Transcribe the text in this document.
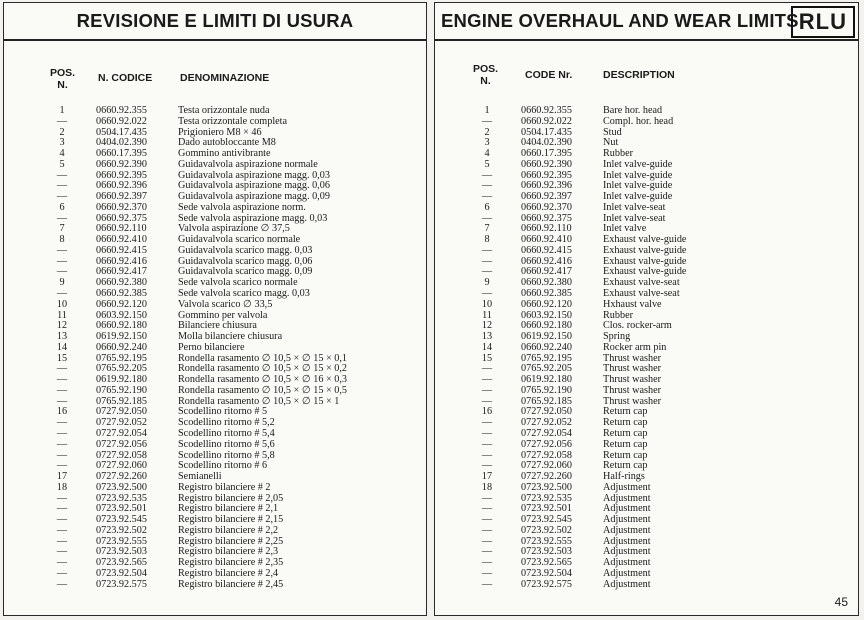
REVISIONE E LIMITI DI USURA
POS.
N.
N. CODICE	DENOMINAZIONE
1	0660.92.355	Testa orizzontale nuda
—	0660.92.022	Testa orizzontale completa
2	0504.17.435	Prigioniero M8 × 46
3	0404.02.390	Dado autobloccante M8
4	0660.17.395	Gommino antivibrante
5	0660.92.390	Guidavalvola aspirazione normale
—	0660.92.395	Guidavalvola aspirazione magg. 0,03
—	0660.92.396	Guidavalvola aspirazione magg. 0,06
—	0660.92.397	Guidavalvola aspirazione magg. 0,09
6	0660.92.370	Sede valvola aspirazione norm.
—	0660.92.375	Sede valvola aspirazione magg. 0,03
7	0660.92.110	Valvola aspirazione ∅ 37,5
8	0660.92.410	Guidavalvola scarico normale
—	0660.92.415	Guidavalvola scarico magg. 0,03
—	0660.92.416	Guidavalvola scarico magg. 0,06
—	0660.92.417	Guidavalvola scarico magg. 0,09
9	0660.92.380	Sede valvola scarico normale
—	0660.92.385	Sede valvola scarico magg. 0,03
10	0660.92.120	Valvola scarico ∅ 33,5
11	0603.92.150	Gommino per valvola
12	0660.92.180	Bilanciere chiusura
13	0619.92.150	Molla bilanciere chiusura
14	0660.92.240	Perno bilanciere
15	0765.92.195	Rondella rasamento ∅ 10,5 × ∅ 15 × 0,1
—	0765.92.205	Rondella rasamento ∅ 10,5 × ∅ 15 × 0,2
—	0619.92.180	Rondella rasamento ∅ 10,5 × ∅ 16 × 0,3
—	0765.92.190	Rondella rasamento ∅ 10,5 × ∅ 15 × 0,5
—	0765.92.185	Rondella rasamento ∅ 10,5 × ∅ 15 × 1
16	0727.92.050	Scodellino ritorno # 5
—	0727.92.052	Scodellino ritorno # 5,2
—	0727.92.054	Scodellino ritorno # 5,4
—	0727.92.056	Scodellino ritorno # 5,6
—	0727.92.058	Scodellino ritorno # 5,8
—	0727.92.060	Scodellino ritorno # 6
17	0727.92.260	Semianelli
18	0723.92.500	Registro bilanciere # 2
—	0723.92.535	Registro bilanciere # 2,05
—	0723.92.501	Registro bilanciere # 2,1
—	0723.92.545	Registro bilanciere # 2,15
—	0723.92.502	Registro bilanciere # 2,2
—	0723.92.555	Registro bilanciere # 2,25
—	0723.92.503	Registro bilanciere # 2,3
—	0723.92.565	Registro bilanciere # 2,35
—	0723.92.504	Registro bilanciere # 2,4
—	0723.92.575	Registro bilanciere # 2,45
ENGINE OVERHAUL AND WEAR LIMITS RLU
POS.
N.	CODE Nr.	DESCRIPTION
1	0660.92.355	Bare hor. head
—	0660.92.022	Compl. hor. head
2	0504.17.435	Stud
3	0404.02.390	Nut
4	0660.17.395	Rubber
5	0660.92.390	Inlet valve-guide
—	0660.92.395	Inlet valve-guide
—	0660.92.396	Inlet valve-guide
—	0660.92.397	Inlet valve-guide
6	0660.92.370	Inlet valve-seat
—	0660.92.375	Inlet valve-seat
7	0660.92.110	Inlet valve
8	0660.92.410	Exhaust valve-guide
—	0660.92.415	Exhaust valve-guide
—	0660.92.416	Exhaust valve-guide
—	0660.92.417	Exhaust valve-guide
9	0660.92.380	Exhaust valve-seat
—	0660.92.385	Exhaust valve-seat
10	0660.92.120	Hxhaust valve
11	0603.92.150	Rubber
12	0660.92.180	Clos. rocker-arm
13	0619.92.150	Spring
14	0660.92.240	Rocker arm pin
15	0765.92.195	Thrust washer
—	0765.92.205	Thrust washer
—	0619.92.180	Thrust washer
—	0765.92.190	Thrust washer
—	0765.92.185	Thrust washer
16	0727.92.050	Return cap
—	0727.92.052	Return cap
—	0727.92.054	Return cap
—	0727.92.056	Return cap
—	0727.92.058	Return cap
—	0727.92.060	Return cap
17	0727.92.260	Half-rings
18	0723.92.500	Adjustment
—	0723.92.535	Adjustment
—	0723.92.501	Adjustment
—	0723.92.545	Adjustment
—	0723.92.502	Adjustment
—	0723.92.555	Adjustment
—	0723.92.503	Adjustment
—	0723.92.565	Adjustment
—	0723.92.504	Adjustment
—	0723.92.575	Adjustment
45
